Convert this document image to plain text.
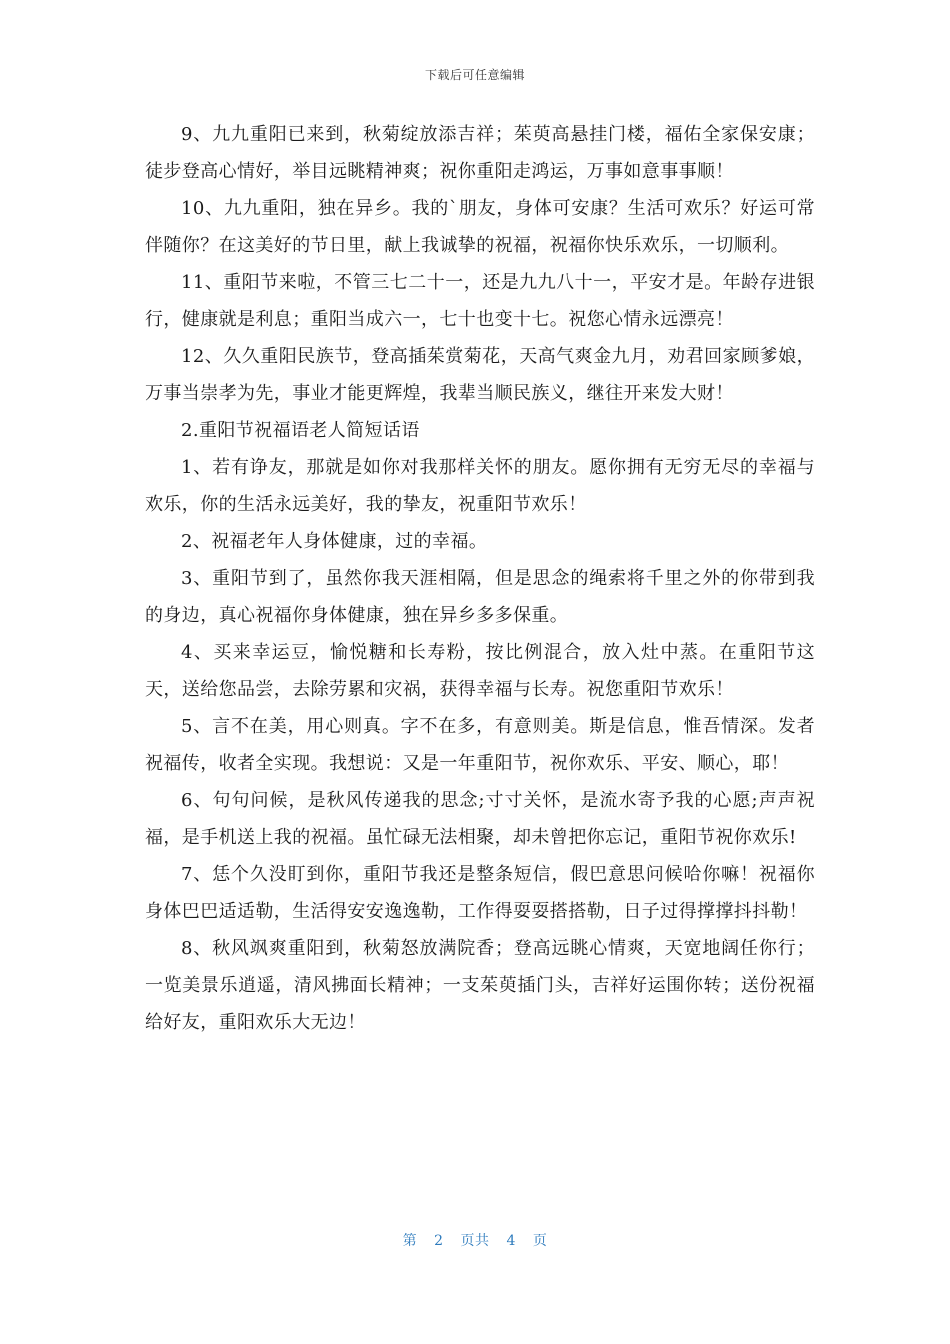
下载后可任意编辑

9、九九重阳已来到，秋菊绽放添吉祥；茱萸高悬挂门楼，福佑全家保安康；徒步登高心情好，举目远眺精神爽；祝你重阳走鸿运，万事如意事事顺！

10、九九重阳，独在异乡。我的`朋友，身体可安康？生活可欢乐？好运可常伴随你？在这美好的节日里，献上我诚挚的祝福，祝福你快乐欢乐，一切顺利。

11、重阳节来啦，不管三七二十一，还是九九八十一，平安才是。年龄存进银行，健康就是利息；重阳当成六一，七十也变十七。祝您心情永远漂亮！

12、久久重阳民族节，登高插茱赏菊花，天高气爽金九月，劝君回家顾爹娘，万事当崇孝为先，事业才能更辉煌，我辈当顺民族义，继往开来发大财！

2.重阳节祝福语老人简短话语

1、若有诤友，那就是如你对我那样关怀的朋友。愿你拥有无穷无尽的幸福与欢乐，你的生活永远美好，我的挚友，祝重阳节欢乐！

2、祝福老年人身体健康，过的幸福。

3、重阳节到了，虽然你我天涯相隔，但是思念的绳索将千里之外的你带到我的身边，真心祝福你身体健康，独在异乡多多保重。

4、买来幸运豆，愉悦糖和长寿粉，按比例混合，放入灶中蒸。在重阳节这天，送给您品尝，去除劳累和灾祸，获得幸福与长寿。祝您重阳节欢乐！

5、言不在美，用心则真。字不在多，有意则美。斯是信息，惟吾情深。发者祝福传，收者全实现。我想说：又是一年重阳节，祝你欢乐、平安、顺心，耶！

6、句句问候，是秋风传递我的思念;寸寸关怀，是流水寄予我的心愿;声声祝福，是手机送上我的祝福。虽忙碌无法相聚，却未曾把你忘记，重阳节祝你欢乐!

7、恁个久没盯到你，重阳节我还是整条短信，假巴意思问候哈你嘛！祝福你身体巴巴适适勒，生活得安安逸逸勒，工作得耍耍搭搭勒，日子过得撑撑抖抖勒！

8、秋风飒爽重阳到，秋菊怒放满院香；登高远眺心情爽，天宽地阔任你行；一览美景乐逍遥，清风拂面长精神；一支茱萸插门头，吉祥好运围你转；送份祝福给好友，重阳欢乐大无边！

第 2 页共 4 页
